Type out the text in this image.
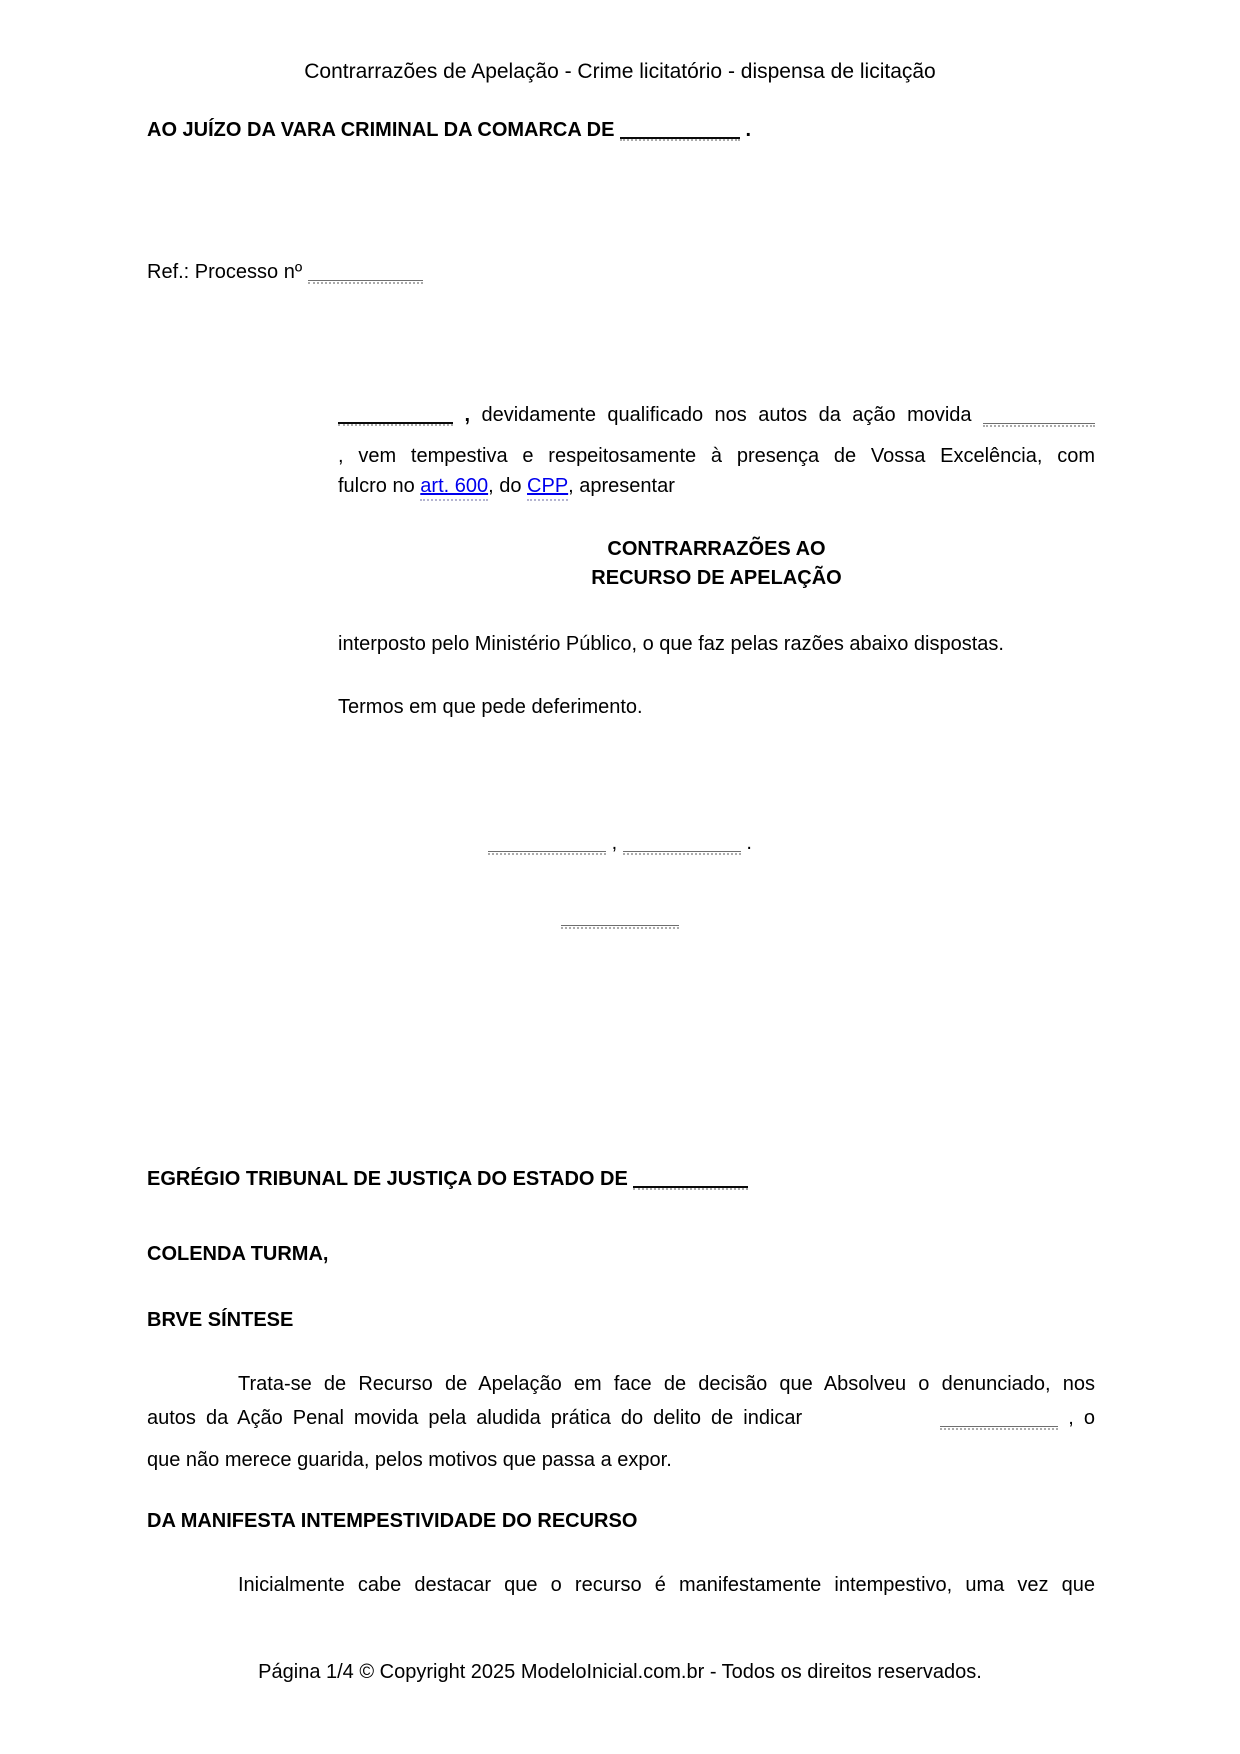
Contrarrazões de Apelação - Crime licitatório - dispensa de licitação
AO JUÍZO DA VARA CRIMINAL DA COMARCA DE	.
Ref.: Processo nº
, devidamente qualificado nos autos da ação movida
, vem tempestiva e respeitosamente à presença de Vossa Excelência, com
fulcro no art. 600, do CPP, apresentar
CONTRARRAZÕES AO
RECURSO DE APELAÇÃO
interposto pelo Ministério Público, o que faz pelas razões abaixo dispostas.
Termos em que pede deferimento.
,	.
EGRÉGIO TRIBUNAL DE JUSTIÇA DO ESTADO DE
COLENDA TURMA,
BRVE SÍNTESE
Trata-se de Recurso de Apelação em face de decisão que Absolveu o denunciado, nos
autos da Ação Penal movida pela aludida prática do delito de indicar	, o
que não merece guarida, pelos motivos que passa a expor.
DA MANIFESTA INTEMPESTIVIDADE DO RECURSO
Inicialmente cabe destacar que o recurso é manifestamente intempestivo, uma vez que
Página 1/4 © Copyright 2025 ModeloInicial.com.br - Todos os direitos reservados.
